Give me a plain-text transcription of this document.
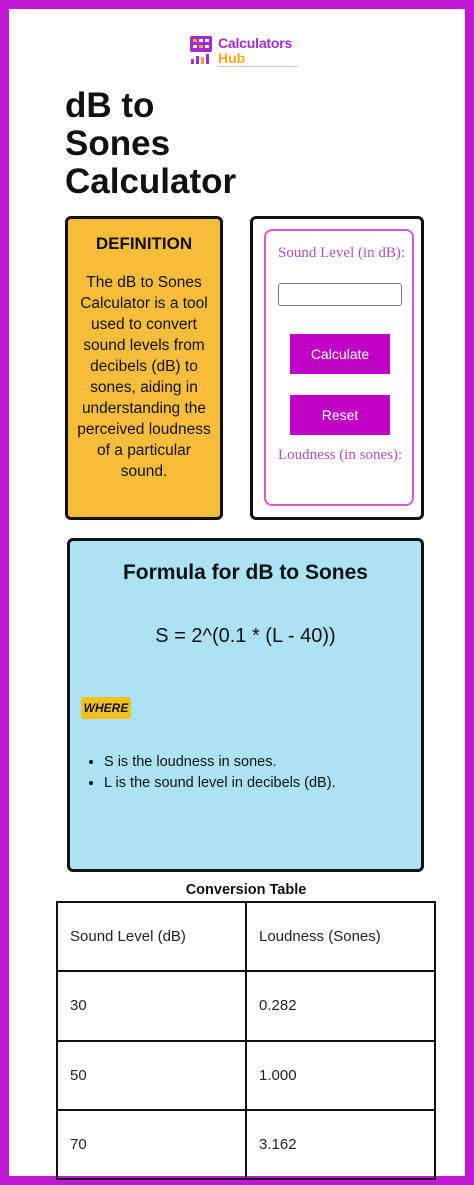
Calculators
Hub
dB to Sones Calculator
DEFINITION
The dB to Sones Calculator is a tool used to convert sound levels from decibels (dB) to sones, aiding in understanding the perceived loudness of a particular sound.
Sound Level (in dB):
Calculate
Reset
Loudness (in sones):
Formula for dB to Sones
S = 2^(0.1 * (L - 40))
WHERE
• S is the loudness in sones.
• L is the sound level in decibels (dB).
Conversion Table
Sound Level (dB)	Loudness (Sones)
30	0.282
50	1.000
70	3.162
